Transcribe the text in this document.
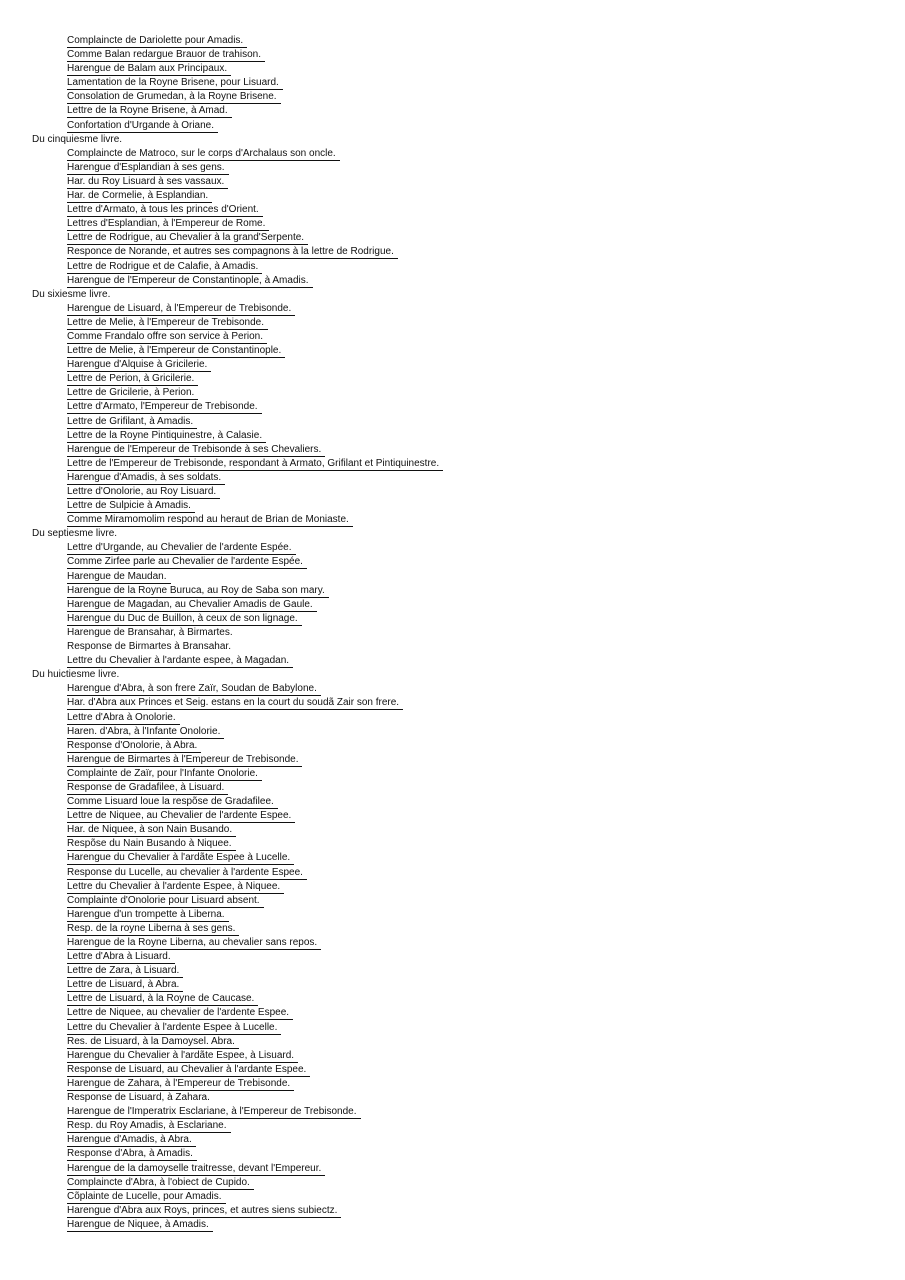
Complaincte de Dariolette pour Amadis.
Comme Balan redargue Brauor de trahison.
Harengue de Balam aux Principaux.
Lamentation de la Royne Brisene, pour Lisuard.
Consolation de Grumedan, à la Royne Brisene.
Lettre de la Royne Brisene, à Amad.
Confortation d'Urgande à Oriane.
Du cinquiesme livre.
Complaincte de Matroco, sur le corps d'Archalaus son oncle.
Harengue d'Esplandian à ses gens.
Har. du Roy Lisuard à ses vassaux.
Har. de Cormelie, à Esplandian.
Lettre d'Armato, à tous les princes d'Orient.
Lettres d'Esplandian, à l'Empereur de Rome.
Lettre de Rodrigue, au Chevalier à la grand'Serpente.
Responce de Norande, et autres ses compagnons à la lettre de Rodrigue.
Lettre de Rodrigue et de Calafie, à Amadis.
Harengue de l'Empereur de Constantinople, à Amadis.
Du sixiesme livre.
Harengue de Lisuard, à l'Empereur de Trebisonde.
Lettre de Melie, à l'Empereur de Trebisonde.
Comme Frandalo offre son service à Perion.
Lettre de Melie, à l'Empereur de Constantinople.
Harengue d'Alquise à Gricilerie.
Lettre de Perion, à Gricilerie.
Lettre de Gricilerie, à Perion.
Lettre d'Armato, l'Empereur de Trebisonde.
Lettre de Grifilant, à Amadis.
Lettre de la Royne Pintiquinestre, à Calasie.
Harengue de l'Empereur de Trebisonde à ses Chevaliers.
Lettre de l'Empereur de Trebisonde, respondant à Armato, Grifilant et Pintiquinestre.
Harengue d'Amadis, à ses soldats.
Lettre d'Onolorie, au Roy Lisuard.
Lettre de Sulpicie à Amadis.
Comme Miramomolim respond au heraut de Brian de Moniaste.
Du septiesme livre.
Lettre d'Urgande, au Chevalier de l'ardente Espée.
Comme Zirfee parle au Chevalier de l'ardente Espée.
Harengue de Maudan.
Harengue de la Royne Buruca, au Roy de Saba son mary.
Harengue de Magadan, au Chevalier Amadis de Gaule.
Harengue du Duc de Buillon, à ceux de son lignage.
Harengue de Bransahar, à Birmartes.
Response de Birmartes à Bransahar.
Lettre du Chevalier à l'ardante espee, à Magadan.
Du huictiesme livre.
Harengue d'Abra, à son frere Zaïr, Soudan de Babylone.
Har. d'Abra aux Princes et Seig. estans en la court du soudã Zair son frere.
Lettre d'Abra à Onolorie.
Haren. d'Abra, à l'Infante Onolorie.
Response d'Onolorie, à Abra.
Harengue de Birmartes à l'Empereur de Trebisonde.
Complainte de Zaïr, pour l'Infante Onolorie.
Response de Gradafilee, à Lisuard.
Comme Lisuard loue la respõse de Gradafilee.
Lettre de Niquee, au Chevalier de l'ardente Espee.
Har. de Niquee, à son Nain Busando.
Respõse du Nain Busando à Niquee.
Harengue du Chevalier à l'ardãte Espee à Lucelle.
Response du Lucelle, au chevalier à l'ardente Espee.
Lettre du Chevalier à l'ardente Espee, à Niquee.
Complainte d'Onolorie pour Lisuard absent.
Harengue d'un trompette à Liberna.
Resp. de la royne Liberna à ses gens.
Harengue de la Royne Liberna, au chevalier sans repos.
Lettre d'Abra à Lisuard.
Lettre de Zara, à Lisuard.
Lettre de Lisuard, à Abra.
Lettre de Lisuard, à la Royne de Caucase.
Lettre de Niquee, au chevalier de l'ardente Espee.
Lettre du Chevalier à l'ardente Espee à Lucelle.
Res. de Lisuard, à la Damoysel. Abra.
Harengue du Chevalier à l'ardãte Espee, à Lisuard.
Response de Lisuard, au Chevalier à l'ardante Espee.
Harengue de Zahara, à l'Empereur de Trebisonde.
Response de Lisuard, à Zahara.
Harengue de l'Imperatrix Esclariane, à l'Empereur de Trebisonde.
Resp. du Roy Amadis, à Esclariane.
Harengue d'Amadis, à Abra.
Response d'Abra, à Amadis.
Harengue de la damoyselle traitresse, devant l'Empereur.
Complaincte d'Abra, à l'obiect de Cupido.
Cõplainte de Lucelle, pour Amadis.
Harengue d'Abra aux Roys, princes, et autres siens subiectz.
Harengue de Niquee, à Amadis.
